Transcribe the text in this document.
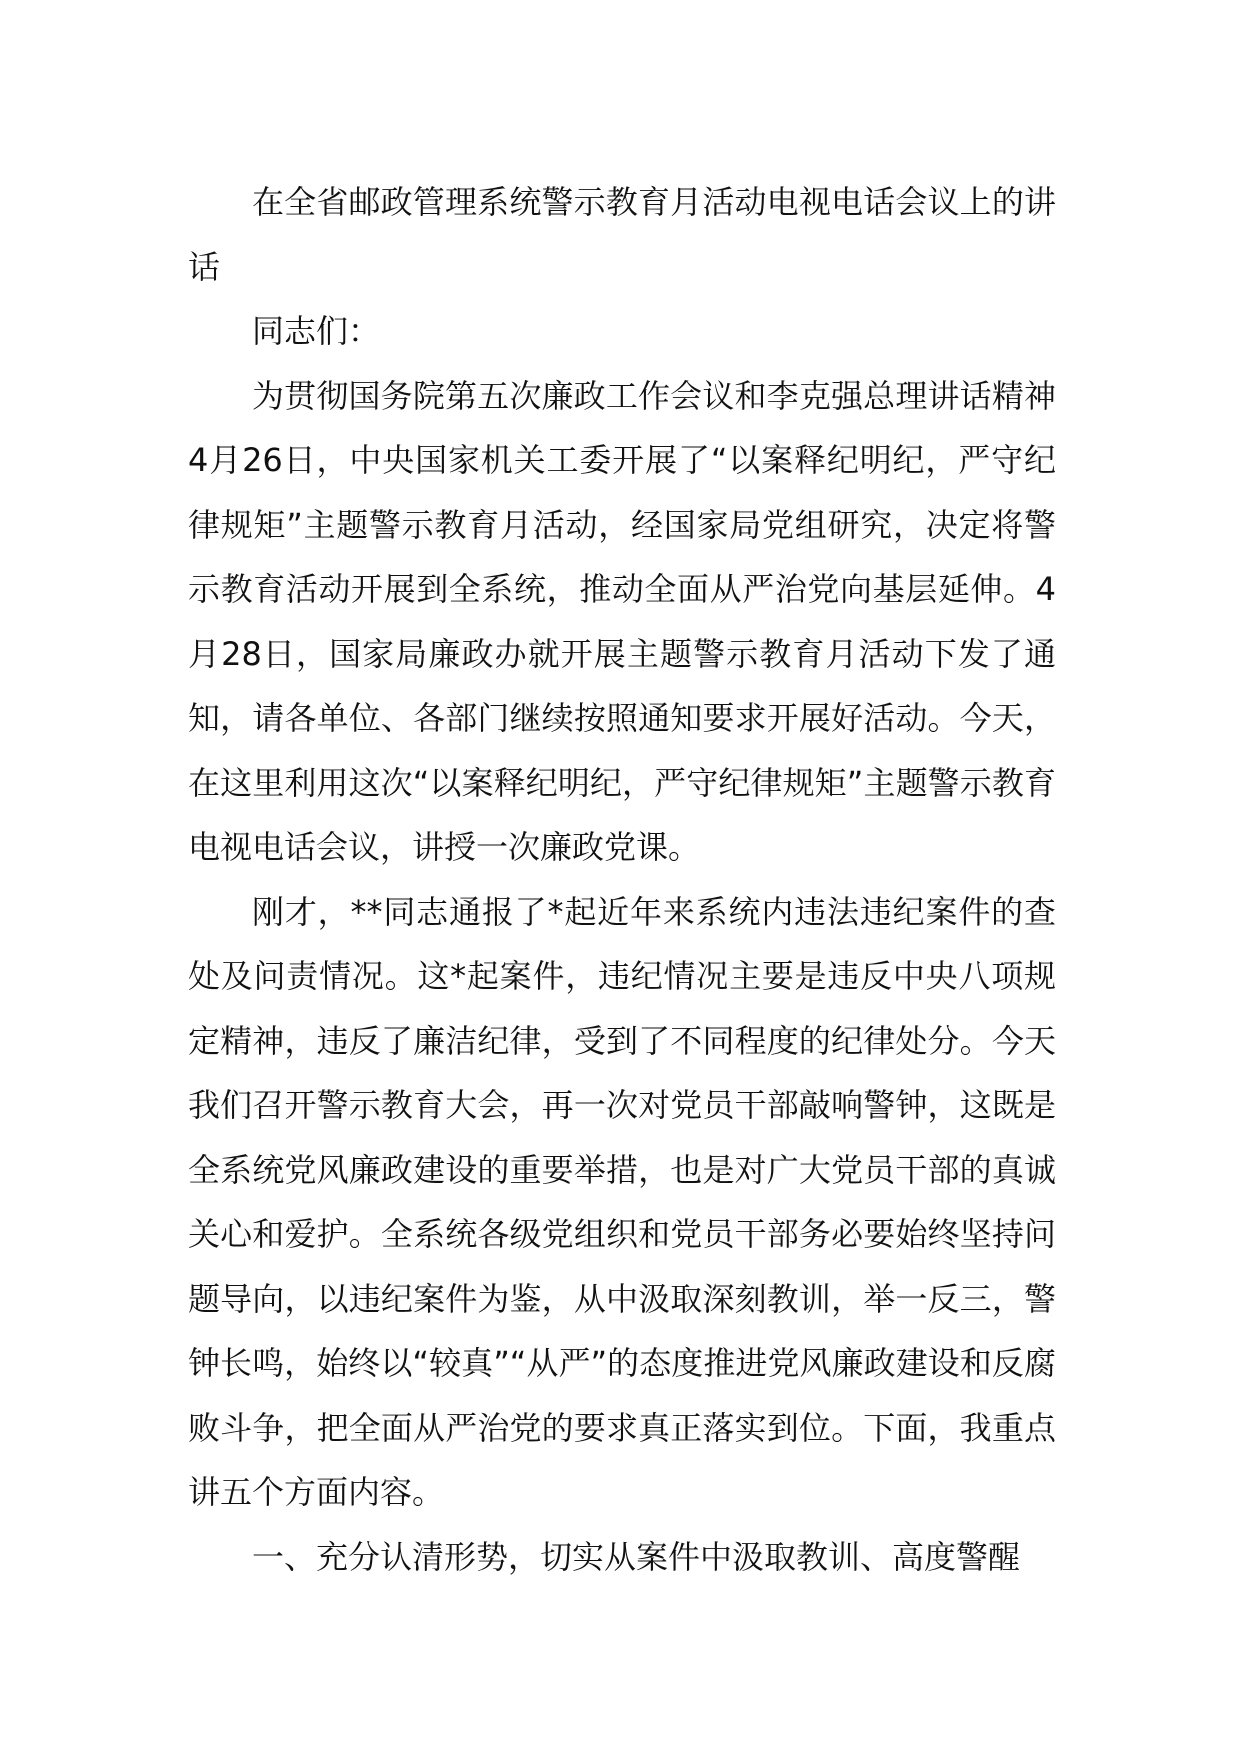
在全省邮政管理系统警示教育月活动电视电话会议上的讲话

同志们：

为贯彻国务院第五次廉政工作会议和李克强总理讲话精神4月26日，中央国家机关工委开展了“以案释纪明纪，严守纪律规矩”主题警示教育月活动，经国家局党组研究，决定将警示教育活动开展到全系统，推动全面从严治党向基层延伸。4月28日，国家局廉政办就开展主题警示教育月活动下发了通知，请各单位、各部门继续按照通知要求开展好活动。今天，在这里利用这次“以案释纪明纪，严守纪律规矩”主题警示教育电视电话会议，讲授一次廉政党课。

刚才，**同志通报了*起近年来系统内违法违纪案件的查处及问责情况。这*起案件，违纪情况主要是违反中央八项规定精神，违反了廉洁纪律，受到了不同程度的纪律处分。今天我们召开警示教育大会，再一次对党员干部敲响警钟，这既是全系统党风廉政建设的重要举措，也是对广大党员干部的真诚关心和爱护。全系统各级党组织和党员干部务必要始终坚持问题导向，以违纪案件为鉴，从中汲取深刻教训，举一反三，警钟长鸣，始终以“较真”“从严”的态度推进党风廉政建设和反腐败斗争，把全面从严治党的要求真正落实到位。下面，我重点讲五个方面内容。

一、充分认清形势，切实从案件中汲取教训、高度警醒
